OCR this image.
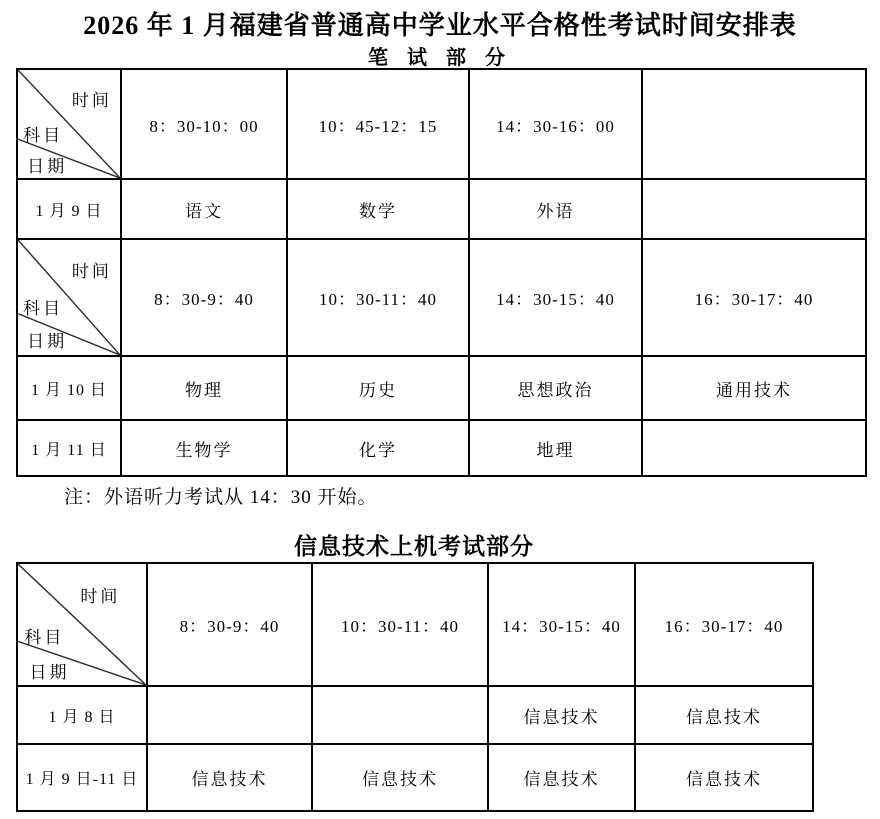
2026 年 1 月福建省普通高中学业水平合格性考试时间安排表
笔 试 部 分
时间
科目
日期	8：30-10：00	10：45-12：15	14：30-16：00	
1 月 9 日	语文	数学	外语	

时间
科目
日期	8：30-9：40	10：30-11：40	14：30-15：40	16：30-17：40
1 月 10 日	物理	历史	思想政治	通用技术
1 月 11 日	生物学	化学	地理	
注：外语听力考试从 14：30 开始。
信息技术上机考试部分
时间
科目
日期	8：30-9：40	10：30-11：40	14：30-15：40	16：30-17：40
1 月 8 日			信息技术	信息技术
1 月 9 日-11 日	信息技术	信息技术	信息技术	信息技术
